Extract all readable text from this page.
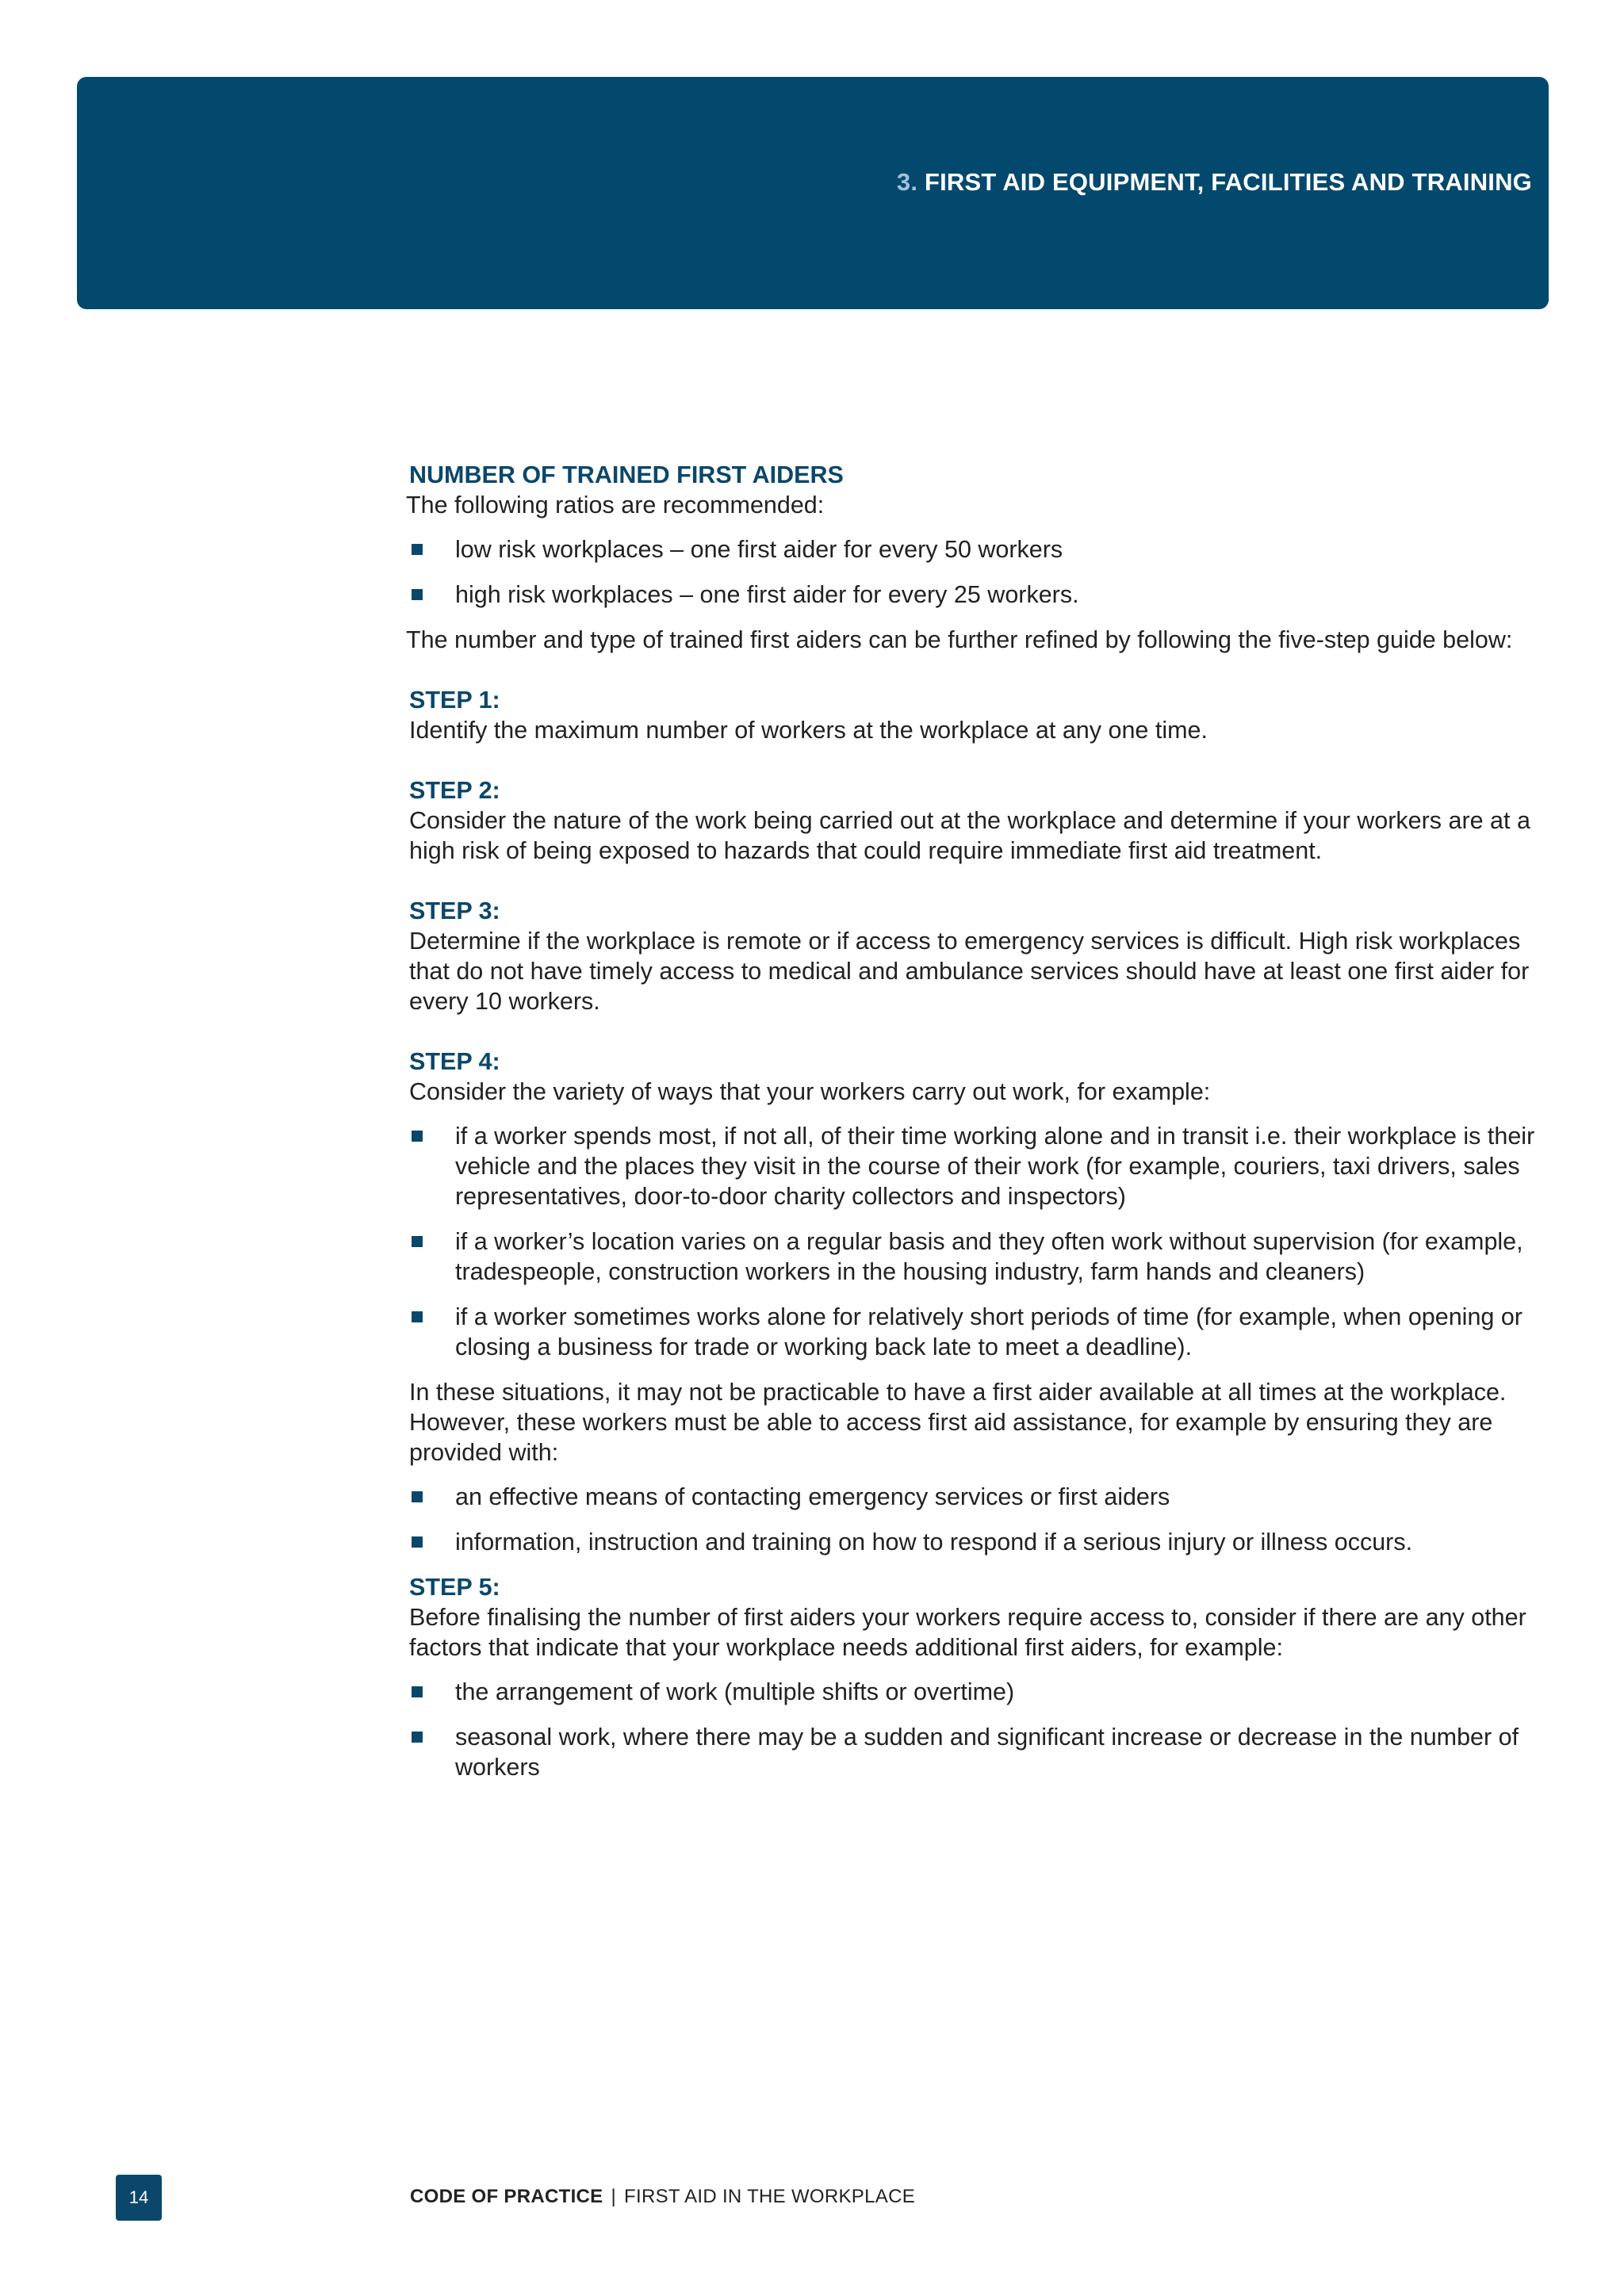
3. FIRST AID EQUIPMENT, FACILITIES AND TRAINING
NUMBER OF TRAINED FIRST AIDERS

The following ratios are recommended:

low risk workplaces – one first aider for every 50 workers
high risk workplaces – one first aider for every 25 workers.

The number and type of trained first aiders can be further refined by following the five-step guide below:

STEP 1:

Identify the maximum number of workers at the workplace at any one time.

STEP 2:

Consider the nature of the work being carried out at the workplace and determine if your workers are at a high risk of being exposed to hazards that could require immediate first aid treatment.

STEP 3:

Determine if the workplace is remote or if access to emergency services is difficult. High risk workplaces that do not have timely access to medical and ambulance services should have at least one first aider for every 10 workers.

STEP 4:

Consider the variety of ways that your workers carry out work, for example:

if a worker spends most, if not all, of their time working alone and in transit i.e. their workplace is their vehicle and the places they visit in the course of their work (for example, couriers, taxi drivers, sales representatives, door-to-door charity collectors and inspectors)
if a worker’s location varies on a regular basis and they often work without supervision (for example, tradespeople, construction workers in the housing industry, farm hands and cleaners)
if a worker sometimes works alone for relatively short periods of time (for example, when opening or closing a business for trade or working back late to meet a deadline).

In these situations, it may not be practicable to have a first aider available at all times at the workplace. However, these workers must be able to access first aid assistance, for example by ensuring they are provided with:

an effective means of contacting emergency services or first aiders
information, instruction and training on how to respond if a serious injury or illness occurs.
STEP 5:

Before finalising the number of first aiders your workers require access to, consider if there are any other factors that indicate that your workplace needs additional first aiders, for example:

the arrangement of work (multiple shifts or overtime)
seasonal work, where there may be a sudden and significant increase or decrease in the number of workers
14	CODE OF PRACTICE | FIRST AID IN THE WORKPLACE
